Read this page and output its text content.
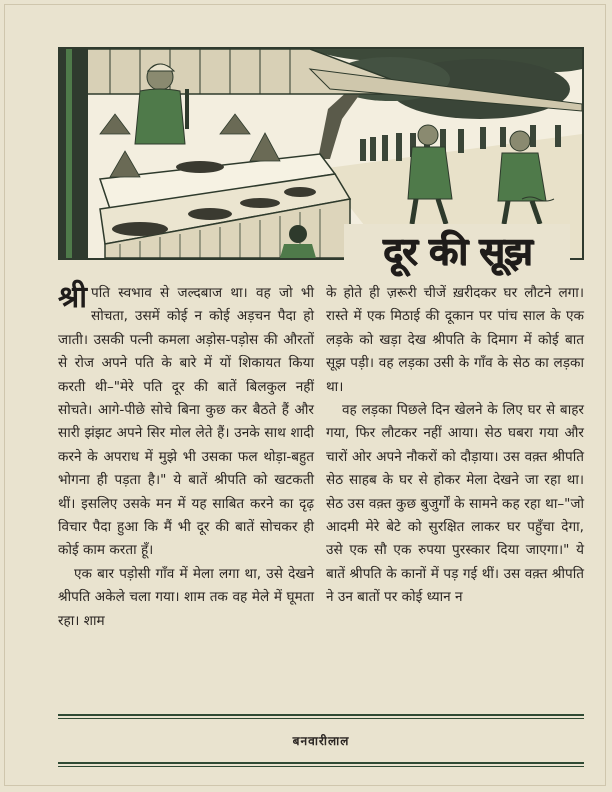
दूर की सूझ

श्री पति स्वभाव से जल्दबाज था। वह जो भी सोचता, उसमें कोई न कोई अड़चन पैदा हो जाती। उसकी पत्नी कमला अड़ोस-पड़ोस की औरतों से रोज अपने पति के बारे में यों शिकायत किया करती थी–"मेरे पति दूर की बातें बिलकुल नहीं सोचते। आगे-पीछे सोचे बिना कुछ कर बैठते हैं और सारी झंझट अपने सिर मोल लेते हैं। उनके साथ शादी करने के अपराध में मुझे भी उसका फल थोड़ा-बहुत भोगना ही पड़ता है।" ये बातें श्रीपति को खटकती थीं। इसलिए उसके मन में यह साबित करने का दृढ़ विचार पैदा हुआ कि मैं भी दूर की बातें सोचकर ही कोई काम करता हूँ।

एक बार पड़ोसी गाँव में मेला लगा था, उसे देखने श्रीपति अकेले चला गया। शाम तक वह मेले में घूमता रहा। शाम

के होते ही ज़रूरी चीजें ख़रीदकर घर लौटने लगा। रास्ते में एक मिठाई की दूकान पर पांच साल के एक लड़के को खड़ा देख श्रीपति के दिमाग में कोई बात सूझ पड़ी। वह लड़का उसी के गाँव के सेठ का लड़का था।

वह लड़का पिछले दिन खेलने के लिए घर से बाहर गया, फिर लौटकर नहीं आया। सेठ घबरा गया और चारों ओर अपने नौकरों को दौड़ाया। उस वक़्त श्रीपति सेठ साहब के घर से होकर मेला देखने जा रहा था। सेठ उस वक़्त कुछ बुजुर्गों के सामने कह रहा था–"जो आदमी मेरे बेटे को सुरक्षित लाकर घर पहुँचा देगा, उसे एक सौ एक रुपया पुरस्कार दिया जाएगा।" ये बातें श्रीपति के कानों में पड़ गई थीं। उस वक़्त श्रीपति ने उन बातों पर कोई ध्यान न

बनवारीलाल
